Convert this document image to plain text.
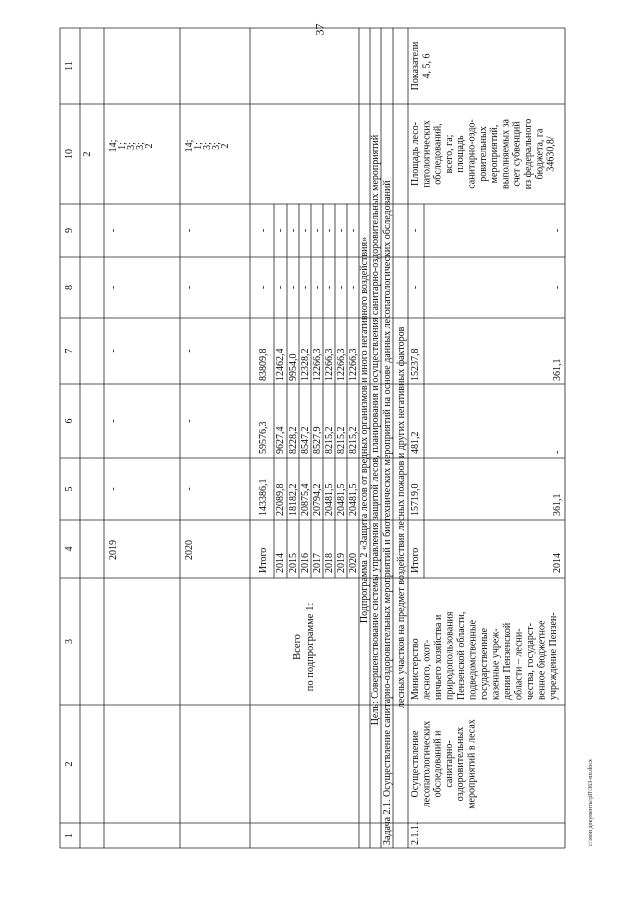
37
1
2
3
4
5
6
7
8
9
10
11
2
2019
-
-
-
-
-
14;
1;
3;
3;
2
2020
-
-
-
-
-
14;
1;
3;
3;
2
Всего по подпрограмме 1:
Итого
143386,1
59576,3
83809,8
-
-
2014
22089,8
9627,4
12462,4
-
-
2015
18182,2
8228,2
9954,0
-
-
2016
20875,4
8547,2
12328,2
-
-
2017
20794,2
8527,9
12266,3
-
-
2018
20481,5
8215,2
12266,3
-
-
2019
20481,5
8215,2
12266,3
-
-
2020
20481,5
8215,2
12266,3
-
-
Подпрограмма 2 «Защита лесов от вредных организмов и иного негативного воздействия» Цель: Совершенствование системы управления защитой лесов, планирования и осуществления санитарно-оздоровительных мероприятий Задача 2.1. Осуществление санитарно-оздоровительных мероприятий и биотехнических мероприятий на основе данных лесопатологических обследований лесных участков на предмет воздействия лесных пожаров и других негативных факторов
2.1.1.
Осуществление лесопатологических обследований и санитарно- оздоровительных мероприятий в лесах
Министерство лесного, охот- ничьего хозяйства и природопользования Пензенской области, подведомственные государственные казенные учреж- дения Пензенской области – лесни- чества, государст- венное бюджетное учреждение Пензен-
Итого
15719,0
481,2
15237,8
-
-
2014
361,1
-
361,1
-
-
Площадь лесо- патологических обследований, всего, га; площадь санитарно-оздо- ровительных мероприятий, выполняемых за счет субвенций из федерального бюджета, га 34630,8/
Показатели 4, 5, 6
c:\мои документы\рП\363-пп.docx
